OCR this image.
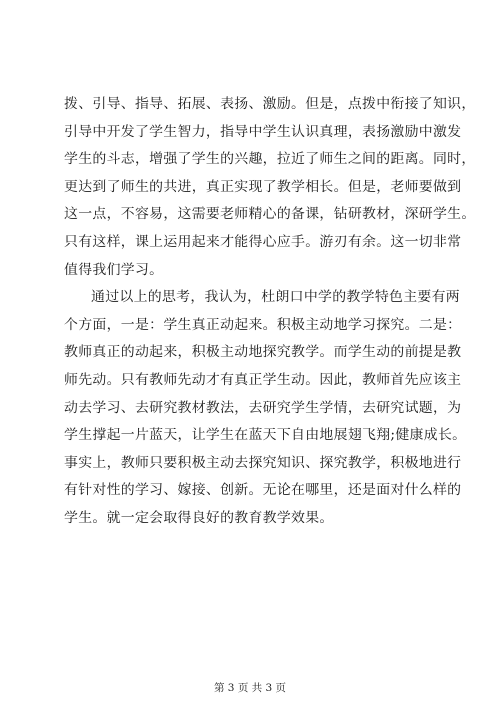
拨、引导、指导、拓展、表扬、激励。但是，点拨中衔接了知识，
引导中开发了学生智力，指导中学生认识真理，表扬激励中激发
学生的斗志，增强了学生的兴趣，拉近了师生之间的距离。同时，
更达到了师生的共进，真正实现了教学相长。但是，老师要做到
这一点，不容易，这需要老师精心的备课，钻研教材，深研学生。
只有这样，课上运用起来才能得心应手。游刃有余。这一切非常
值得我们学习。
通过以上的思考，我认为，杜朗口中学的教学特色主要有两
个方面，一是：学生真正动起来。积极主动地学习探究。二是：
教师真正的动起来，积极主动地探究教学。而学生动的前提是教
师先动。只有教师先动才有真正学生动。因此，教师首先应该主
动去学习、去研究教材教法，去研究学生学情，去研究试题，为
学生撑起一片蓝天，让学生在蓝天下自由地展翅飞翔;健康成长。
事实上，教师只要积极主动去探究知识、探究教学，积极地进行
有针对性的学习、嫁接、创新。无论在哪里，还是面对什么样的
学生。就一定会取得良好的教育教学效果。
第 3 页 共 3 页
